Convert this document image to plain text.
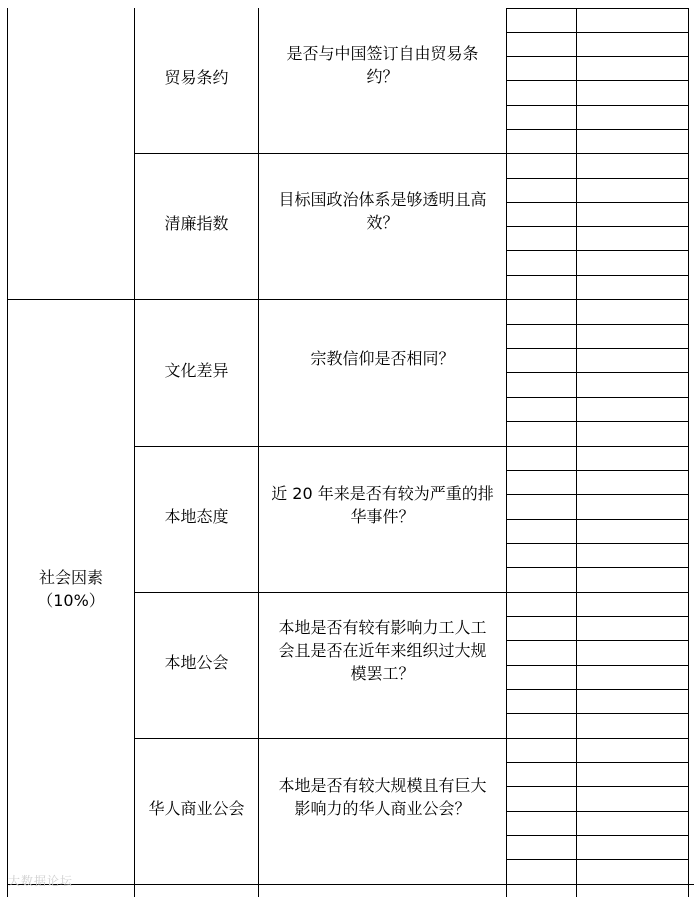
社会因素
（10%）
贸易条约
清廉指数
文化差异
本地态度
本地公会
华人商业公会
是否与中国签订自由贸易条
约？
目标国政治体系是够透明且高
效？
宗教信仰是否相同？
近 20 年来是否有较为严重的排
华事件？
本地是否有较有影响力工人工
会且是否在近年来组织过大规
模罢工？
本地是否有较大规模且有巨大
影响力的华人商业公会？
大数据论坛
